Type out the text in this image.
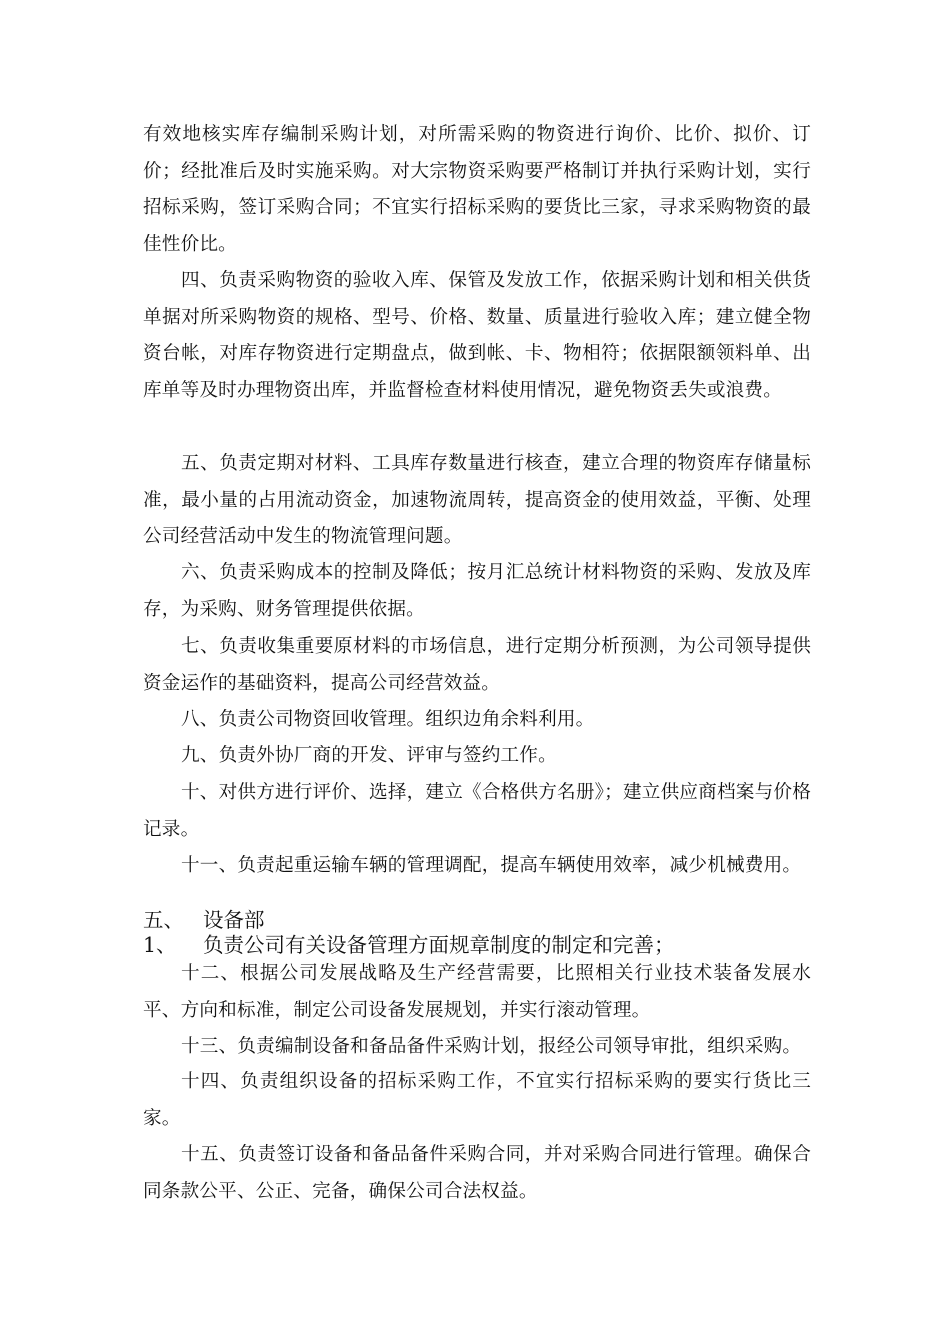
有效地核实库存编制采购计划，对所需采购的物资进行询价、比价、拟价、订价；经批准后及时实施采购。对大宗物资采购要严格制订并执行采购计划，实行招标采购，签订采购合同；不宜实行招标采购的要货比三家，寻求采购物资的最佳性价比。

四、负责采购物资的验收入库、保管及发放工作，依据采购计划和相关供货单据对所采购物资的规格、型号、价格、数量、质量进行验收入库；建立健全物资台帐，对库存物资进行定期盘点，做到帐、卡、物相符；依据限额领料单、出库单等及时办理物资出库，并监督检查材料使用情况，避免物资丢失或浪费。

五、负责定期对材料、工具库存数量进行核查，建立合理的物资库存储量标准，最小量的占用流动资金，加速物流周转，提高资金的使用效益，平衡、处理公司经营活动中发生的物流管理问题。

六、负责采购成本的控制及降低；按月汇总统计材料物资的采购、发放及库存，为采购、财务管理提供依据。

七、负责收集重要原材料的市场信息，进行定期分析预测，为公司领导提供资金运作的基础资料，提高公司经营效益。

八、负责公司物资回收管理。组织边角余料利用。

九、负责外协厂商的开发、评审与签约工作。

十、对供方进行评价、选择，建立《合格供方名册》；建立供应商档案与价格记录。

十一、负责起重运输车辆的管理调配，提高车辆使用效率，减少机械费用。

五、 设备部
1、 负责公司有关设备管理方面规章制度的制定和完善；

十二、根据公司发展战略及生产经营需要，比照相关行业技术装备发展水平、方向和标准，制定公司设备发展规划，并实行滚动管理。

十三、负责编制设备和备品备件采购计划，报经公司领导审批，组织采购。

十四、负责组织设备的招标采购工作，不宜实行招标采购的要实行货比三家。

十五、负责签订设备和备品备件采购合同，并对采购合同进行管理。确保合同条款公平、公正、完备，确保公司合法权益。
